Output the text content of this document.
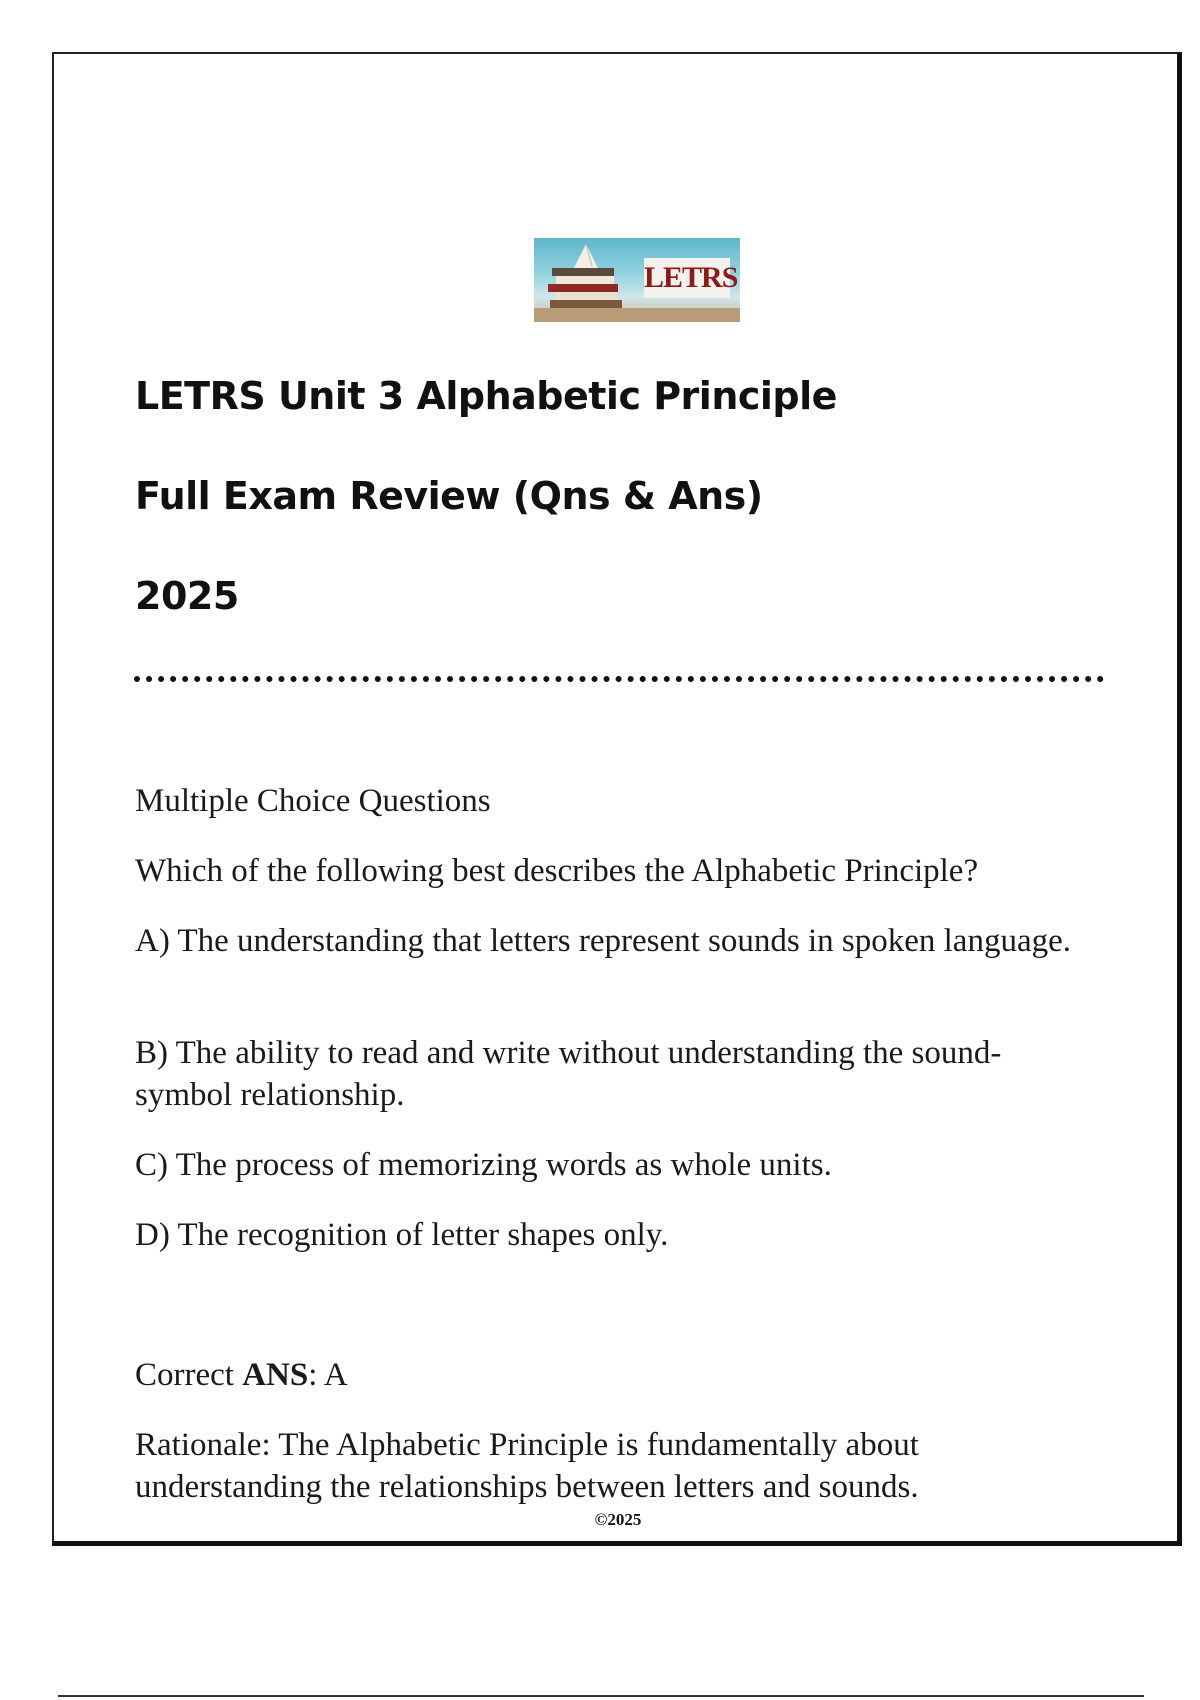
LETRS
LETRS Unit 3 Alphabetic Principle
Full Exam Review (Qns & Ans)
2025
Multiple Choice Questions
Which of the following best describes the Alphabetic Principle?
A) The understanding that letters represent sounds in spoken language.
B) The ability to read and write without understanding the sound-symbol relationship.
C) The process of memorizing words as whole units.
D) The recognition of letter shapes only.
Correct ANS: A
Rationale: The Alphabetic Principle is fundamentally about understanding the relationships between letters and sounds.
©2025
